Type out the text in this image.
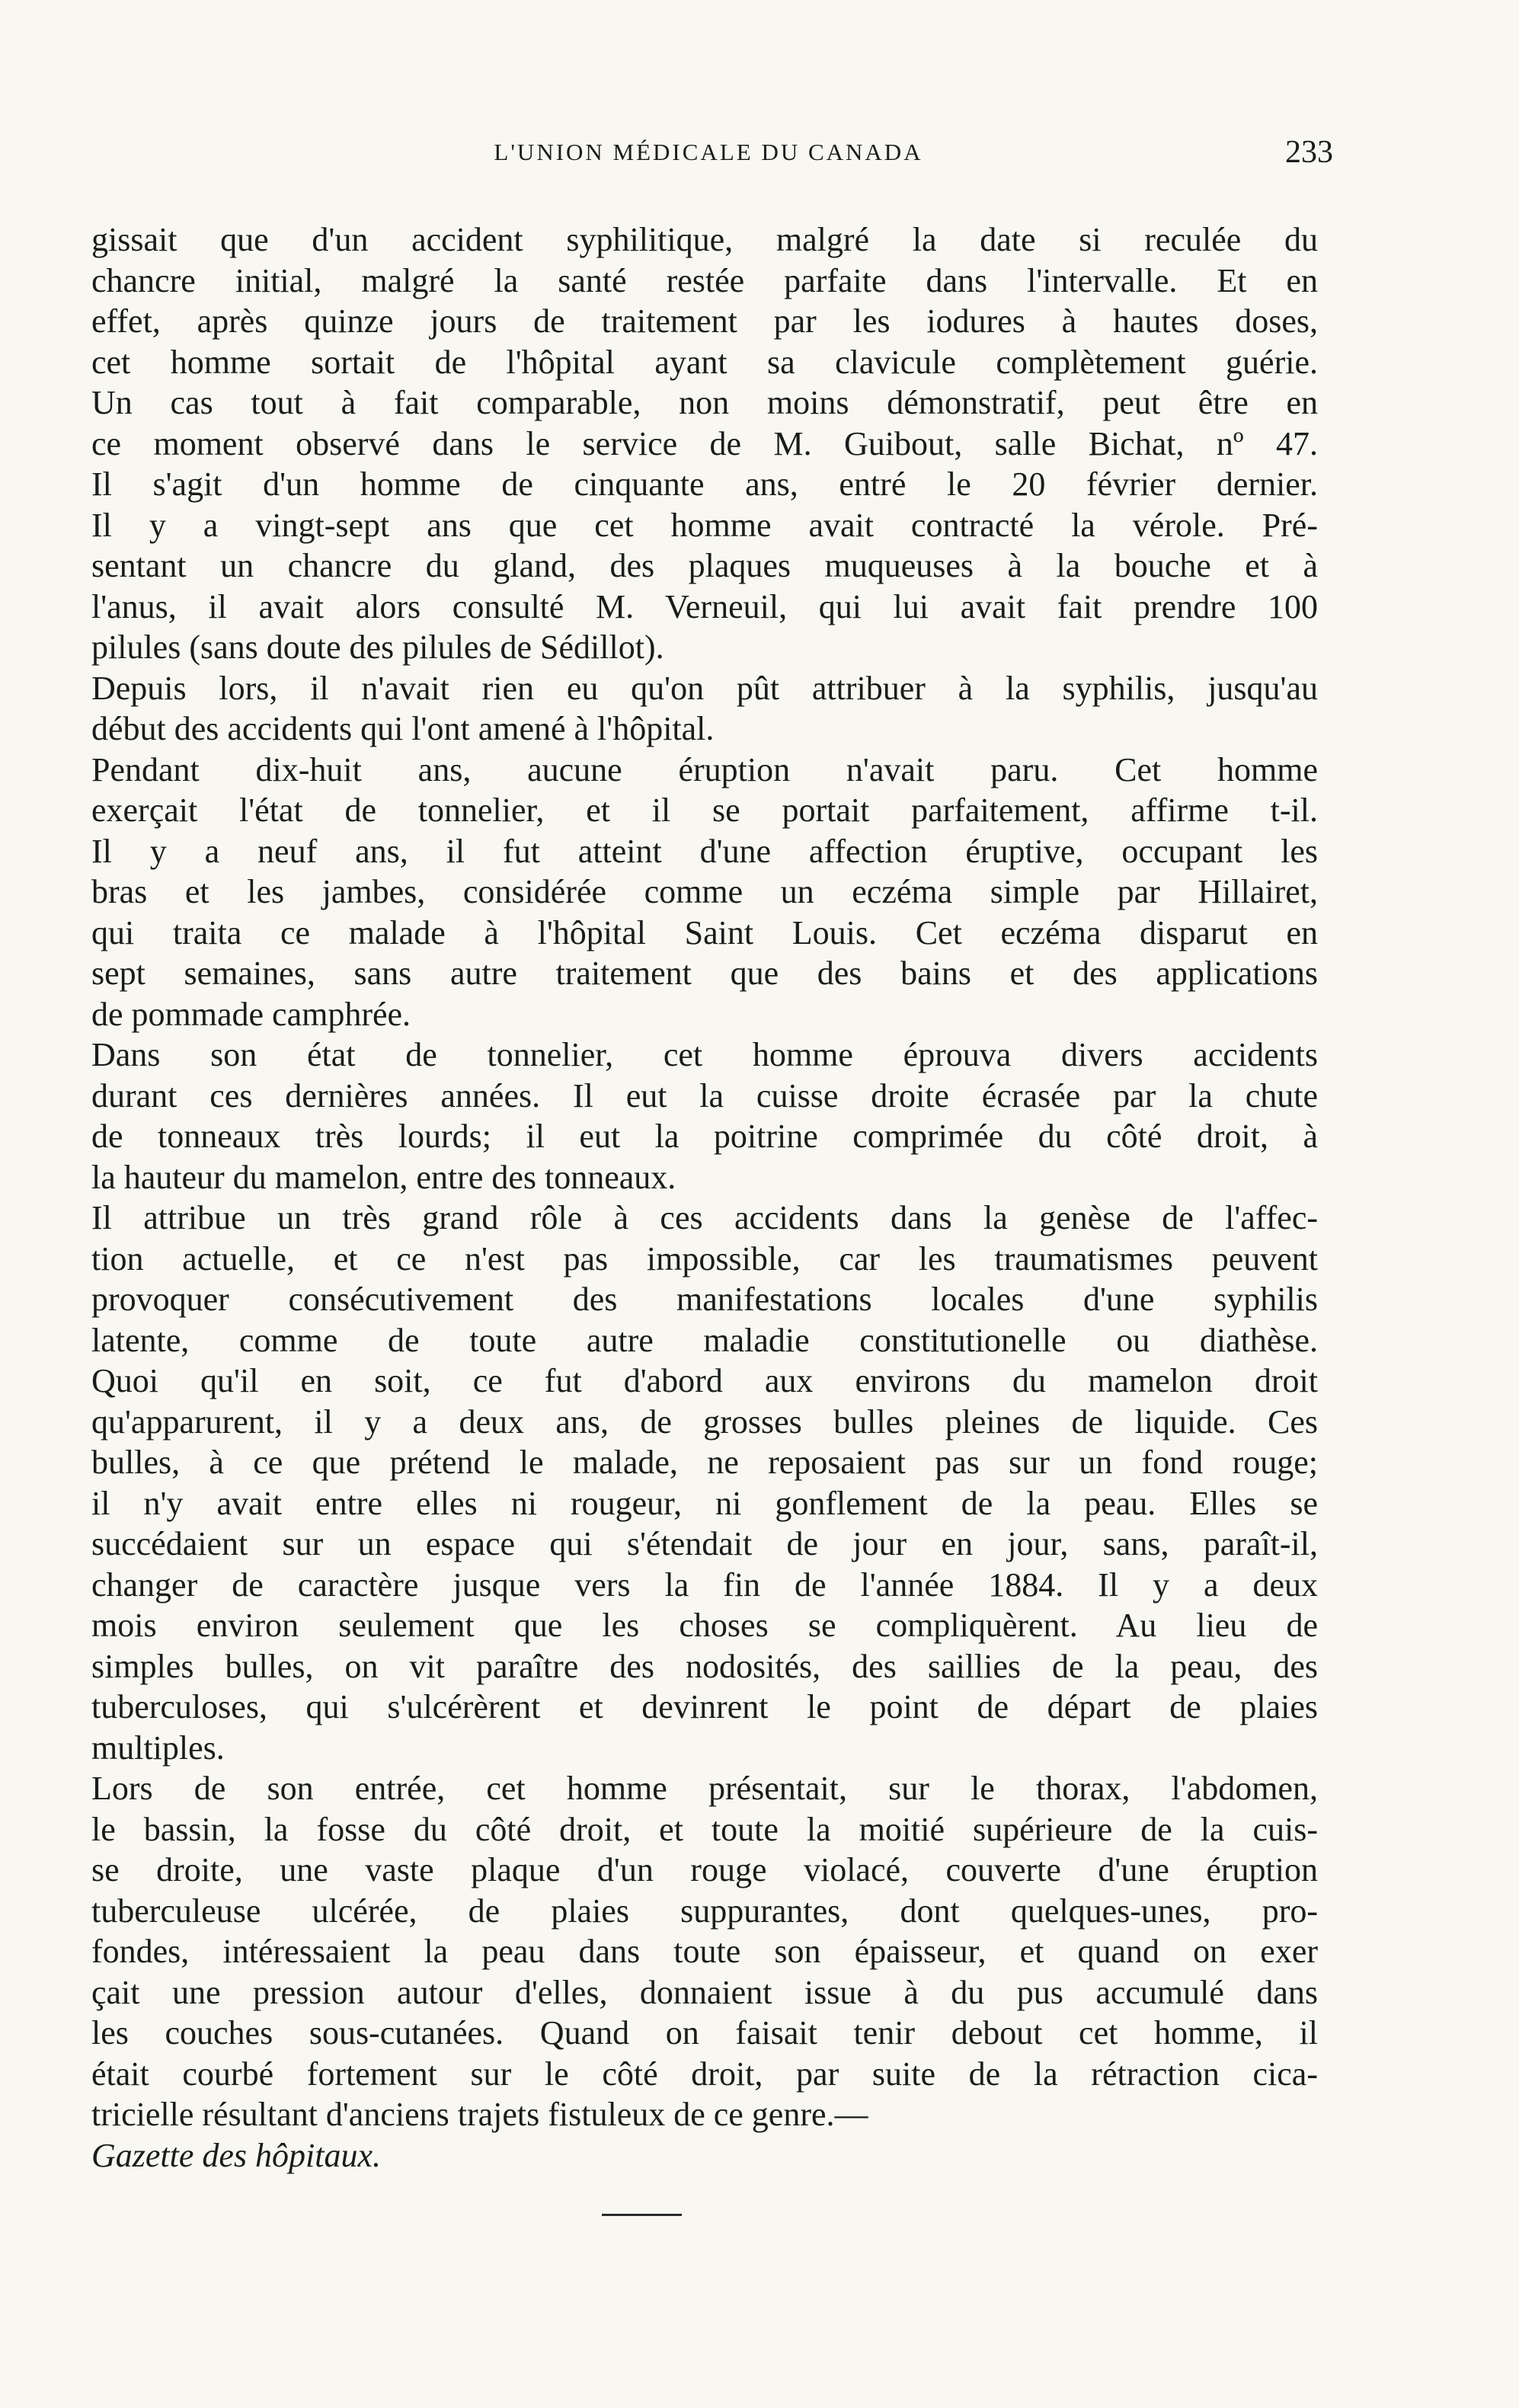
L'UNION MÉDICALE DU CANADA	233
gissait que d'un accident syphilitique, malgré la date si reculée du
chancre initial, malgré la santé restée parfaite dans l'intervalle. Et en
effet, après quinze jours de traitement par les iodures à hautes doses,
cet homme sortait de l'hôpital ayant sa clavicule complètement guérie.
Un cas tout à fait comparable, non moins démonstratif, peut être en
ce moment observé dans le service de M. Guibout, salle Bichat, nº 47.
Il s'agit d'un homme de cinquante ans, entré le 20 février dernier.
Il y a vingt-sept ans que cet homme avait contracté la vérole. Pré-
sentant un chancre du gland, des plaques muqueuses à la bouche et à
l'anus, il avait alors consulté M. Verneuil, qui lui avait fait prendre 100
pilules (sans doute des pilules de Sédillot).
Depuis lors, il n'avait rien eu qu'on pût attribuer à la syphilis, jusqu'au
début des accidents qui l'ont amené à l'hôpital.
Pendant dix-huit ans, aucune éruption n'avait paru. Cet homme
exerçait l'état de tonnelier, et il se portait parfaitement, affirme t-il.
Il y a neuf ans, il fut atteint d'une affection éruptive, occupant les
bras et les jambes, considérée comme un eczéma simple par Hillairet,
qui traita ce malade à l'hôpital Saint Louis. Cet eczéma disparut en
sept semaines, sans autre traitement que des bains et des applications
de pommade camphrée.
Dans son état de tonnelier, cet homme éprouva divers accidents
durant ces dernières années. Il eut la cuisse droite écrasée par la chute
de tonneaux très lourds; il eut la poitrine comprimée du côté droit, à
la hauteur du mamelon, entre des tonneaux.
Il attribue un très grand rôle à ces accidents dans la genèse de l'affec-
tion actuelle, et ce n'est pas impossible, car les traumatismes peuvent
provoquer consécutivement des manifestations locales d'une syphilis
latente, comme de toute autre maladie constitutionelle ou diathèse.
Quoi qu'il en soit, ce fut d'abord aux environs du mamelon droit
qu'apparurent, il y a deux ans, de grosses bulles pleines de liquide. Ces
bulles, à ce que prétend le malade, ne reposaient pas sur un fond rouge;
il n'y avait entre elles ni rougeur, ni gonflement de la peau. Elles se
succédaient sur un espace qui s'étendait de jour en jour, sans, paraît-il,
changer de caractère jusque vers la fin de l'année 1884. Il y a deux
mois environ seulement que les choses se compliquèrent. Au lieu de
simples bulles, on vit paraître des nodosités, des saillies de la peau, des
tuberculoses, qui s'ulcérèrent et devinrent le point de départ de plaies
multiples.
Lors de son entrée, cet homme présentait, sur le thorax, l'abdomen,
le bassin, la fosse du côté droit, et toute la moitié supérieure de la cuis-
se droite, une vaste plaque d'un rouge violacé, couverte d'une éruption
tuberculeuse ulcérée, de plaies suppurantes, dont quelques-unes, pro-
fondes, intéressaient la peau dans toute son épaisseur, et quand on exer
çait une pression autour d'elles, donnaient issue à du pus accumulé dans
les couches sous-cutanées. Quand on faisait tenir debout cet homme, il
était courbé fortement sur le côté droit, par suite de la rétraction cica-
tricielle résultant d'anciens trajets fistuleux de ce genre.—
Gazette des hôpitaux.
